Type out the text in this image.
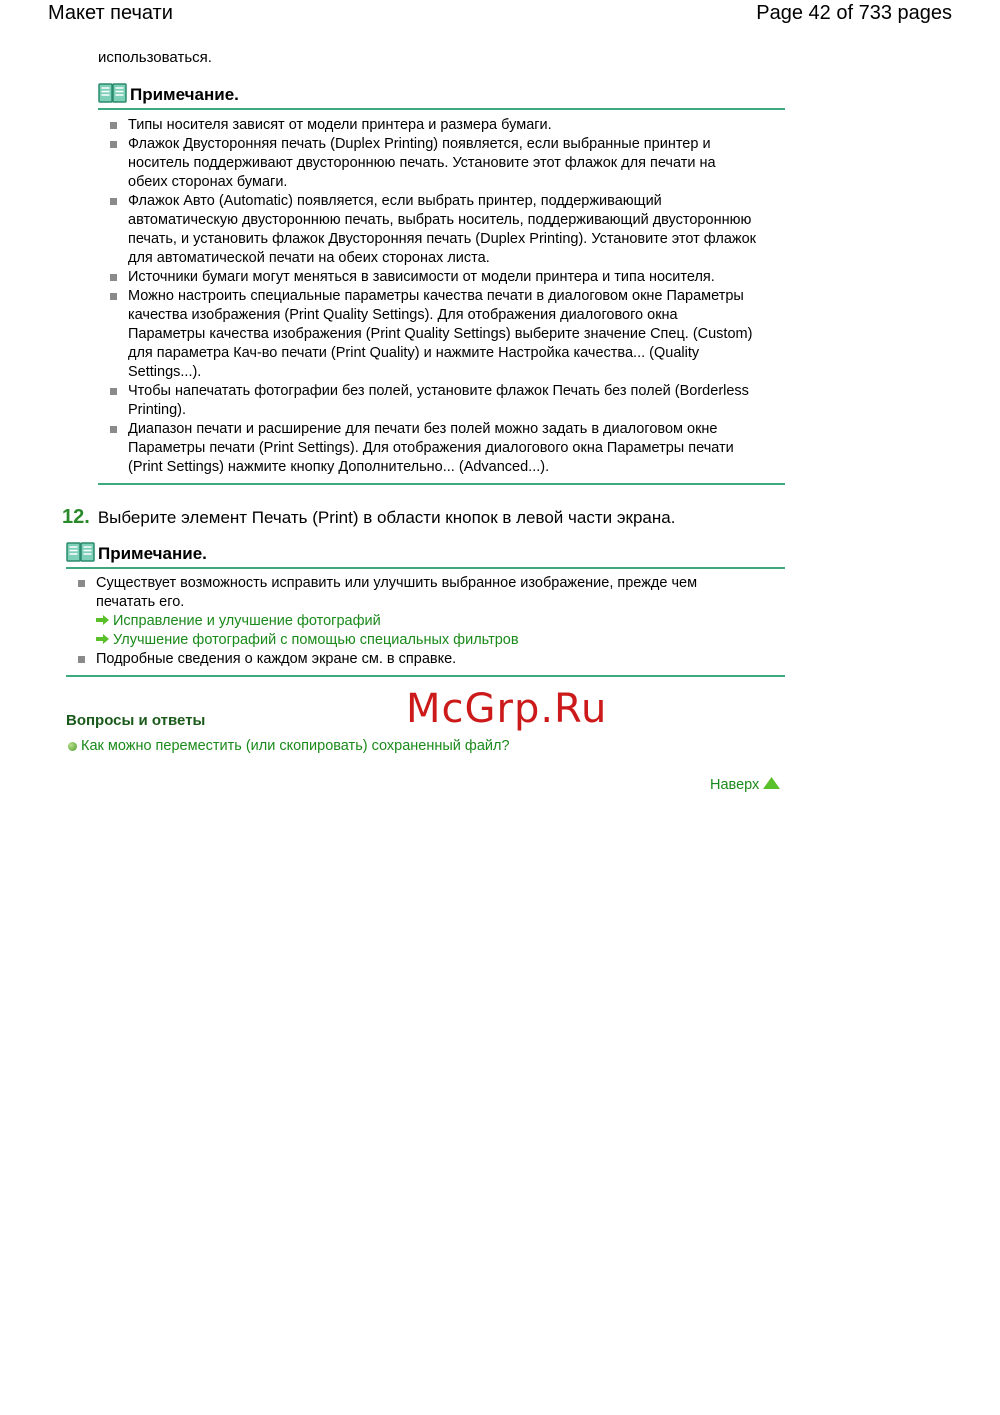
Макет печати	Page 42 of 733 pages
использоваться.
Примечание.
Типы носителя зависят от модели принтера и размера бумаги.
Флажок Двусторонняя печать (Duplex Printing) появляется, если выбранные принтер и носитель поддерживают двустороннюю печать. Установите этот флажок для печати на обеих сторонах бумаги.
Флажок Авто (Automatic) появляется, если выбрать принтер, поддерживающий автоматическую двустороннюю печать, выбрать носитель, поддерживающий двустороннюю печать, и установить флажок Двусторонняя печать (Duplex Printing). Установите этот флажок для автоматической печати на обеих сторонах листа.
Источники бумаги могут меняться в зависимости от модели принтера и типа носителя.
Можно настроить специальные параметры качества печати в диалоговом окне Параметры качества изображения (Print Quality Settings). Для отображения диалогового окна Параметры качества изображения (Print Quality Settings) выберите значение Спец. (Custom) для параметра Кач-во печати (Print Quality) и нажмите Настройка качества... (Quality Settings...).
Чтобы напечатать фотографии без полей, установите флажок Печать без полей (Borderless Printing).
Диапазон печати и расширение для печати без полей можно задать в диалоговом окне Параметры печати (Print Settings). Для отображения диалогового окна Параметры печати (Print Settings) нажмите кнопку Дополнительно... (Advanced...).
12. Выберите элемент Печать (Print) в области кнопок в левой части экрана.
Примечание.
Существует возможность исправить или улучшить выбранное изображение, прежде чем печатать его.
Исправление и улучшение фотографий
Улучшение фотографий с помощью специальных фильтров
Подробные сведения о каждом экране см. в справке.
McGrp.Ru
Вопросы и ответы
Как можно переместить (или скопировать) сохраненный файл?
Наверх
